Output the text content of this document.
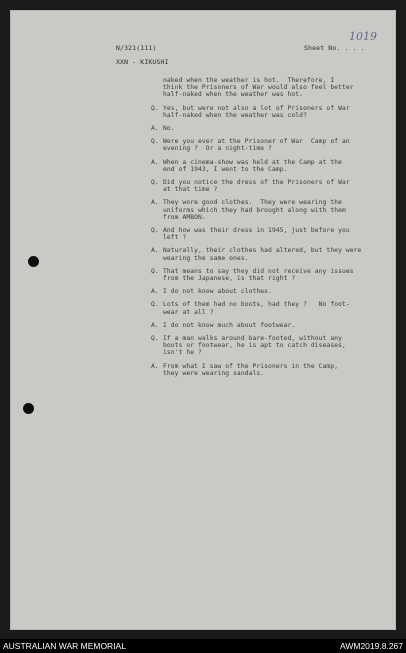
N/321(111)
XXN - KIKUSHI
Sheet No. . . .
1019
naked when the weather is hot.  Therefore, I
think the Prisoners of War would also feel better
half-naked when the weather was hot.
Q. Yes, but were not also a lot of Prisoners of War
half-naked when the weather was cold?
A. No.
Q. Were you ever at the Prisoner of War  Camp of an
evening ?  Or a night-time ?
A. When a cinema-show was held at the Camp at the
end of 1943, I went to the Camp.
Q. Did you notice the dress of the Prisoners of War
at that time ?
A. They wore good clothes.  They were wearing the
uniforms which they had brought along with them
from AMBON.
Q. And how was their dress in 1945, just before you
left ?
A. Naturally, their clothes had altered, but they were
wearing the same ones.
Q. That means to say they did not receive any issues
from the Japanese, is that right ?
A. I do not know about clothes.
Q. Lots of them had no boots, had they ?   No foot-
wear at all ?
A. I do not know much about footwear.
Q. If a man walks around bare-footed, without any
boots or footwear, he is apt to catch diseases,
isn't he ?
A. From what I saw of the Prisoners in the Camp,
they were wearing sandals.
AUSTRALIAN WAR MEMORIAL	AWM2019.8.267
